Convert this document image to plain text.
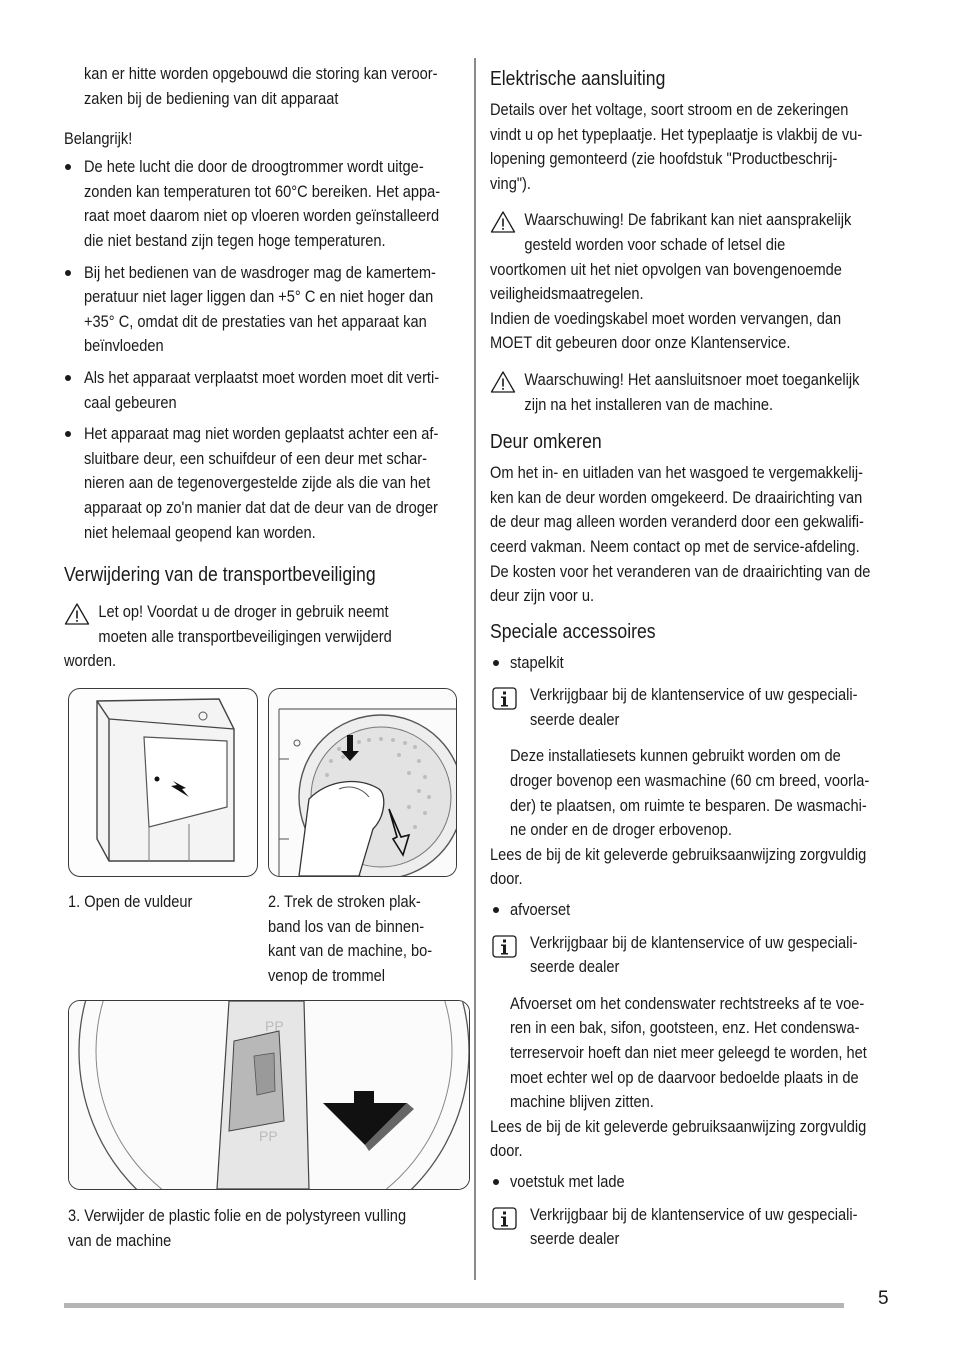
kan er hitte worden opgebouwd die storing kan veroor-

zaken bij de bediening van dit apparaat

Belangrijk!

De hete lucht die door de droogtrommer wordt uitge-

zonden kan temperaturen tot 60°C bereiken. Het appa-

raat moet daarom niet op vloeren worden geïnstalleerd

die niet bestand zijn tegen hoge temperaturen.

Bij het bedienen van de wasdroger mag de kamertem-

peratuur niet lager liggen dan +5° C en niet hoger dan

+35° C, omdat dit de prestaties van het apparaat kan

beïnvloeden

Als het apparaat verplaatst moet worden moet dit verti-

caal gebeuren

Het apparaat mag niet worden geplaatst achter een af-

sluitbare deur, een schuifdeur of een deur met schar-

nieren aan de tegenovergestelde zijde als die van het

apparaat op zo'n manier dat dat de deur van de droger

niet helemaal geopend kan worden.

Verwijdering van de transportbeveiliging

Let op! Voordat u de droger in gebruik neemt

moeten alle transportbeveiligingen verwijderd

worden.

1. Open de vuldeur	2. Trek de stroken plak-

band los van de binnen-

kant van de machine, bo-

venop de trommel

PP
PP

3. Verwijder de plastic folie en de polystyreen vulling

van de machine

Elektrische aansluiting

Details over het voltage, soort stroom en de zekeringen

vindt u op het typeplaatje. Het typeplaatje is vlakbij de vu-

lopening gemonteerd (zie hoofdstuk "Productbeschrij-

ving").

Waarschuwing! De fabrikant kan niet aansprakelijk

gesteld worden voor schade of letsel die

voortkomen uit het niet opvolgen van bovengenoemde

veiligheidsmaatregelen.

Indien de voedingskabel moet worden vervangen, dan

MOET dit gebeuren door onze Klantenservice.

Waarschuwing! Het aansluitsnoer moet toegankelijk

zijn na het installeren van de machine.

Deur omkeren

Om het in- en uitladen van het wasgoed te vergemakkelij-

ken kan de deur worden omgekeerd. De draairichting van

de deur mag alleen worden veranderd door een gekwalifi-

ceerd vakman. Neem contact op met de service-afdeling.

De kosten voor het veranderen van de draairichting van de

deur zijn voor u.

Speciale accessoires

stapelkit

Verkrijgbaar bij de klantenservice of uw gespeciali-

seerde dealer

Deze installatiesets kunnen gebruikt worden om de

droger bovenop een wasmachine (60 cm breed, voorla-

der) te plaatsen, om ruimte te besparen. De wasmachi-

ne onder en de droger erbovenop.

Lees de bij de kit geleverde gebruiksaanwijzing zorgvuldig

door.

afvoerset

Verkrijgbaar bij de klantenservice of uw gespeciali-

seerde dealer

Afvoerset om het condenswater rechtstreeks af te voe-

ren in een bak, sifon, gootsteen, enz. Het condenswa-

terreservoir hoeft dan niet meer geleegd te worden, het

moet echter wel op de daarvoor bedoelde plaats in de

machine blijven zitten.

Lees de bij de kit geleverde gebruiksaanwijzing zorgvuldig

door.

voetstuk met lade

Verkrijgbaar bij de klantenservice of uw gespeciali-

seerde dealer

5
